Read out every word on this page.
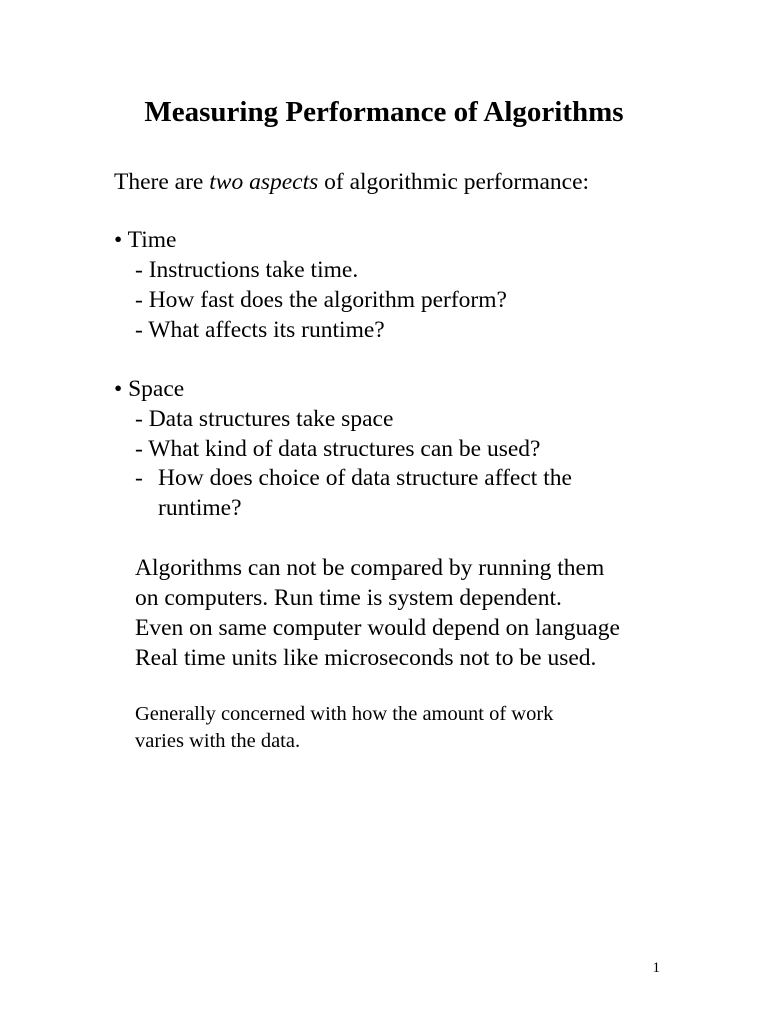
Measuring Performance of Algorithms

There are two aspects of algorithmic performance:

• Time

- Instructions take time.

- How fast does the algorithm perform?

- What affects its runtime?

• Space

- Data structures take space

- What kind of data structures can be used?

- How does choice of data structure affect the

runtime?

Algorithms can not be compared by running them

on computers. Run time is system dependent.

Even on same computer would depend on language

Real time units like microseconds not to be used.

Generally concerned with how the amount of work

varies with the data.

1
